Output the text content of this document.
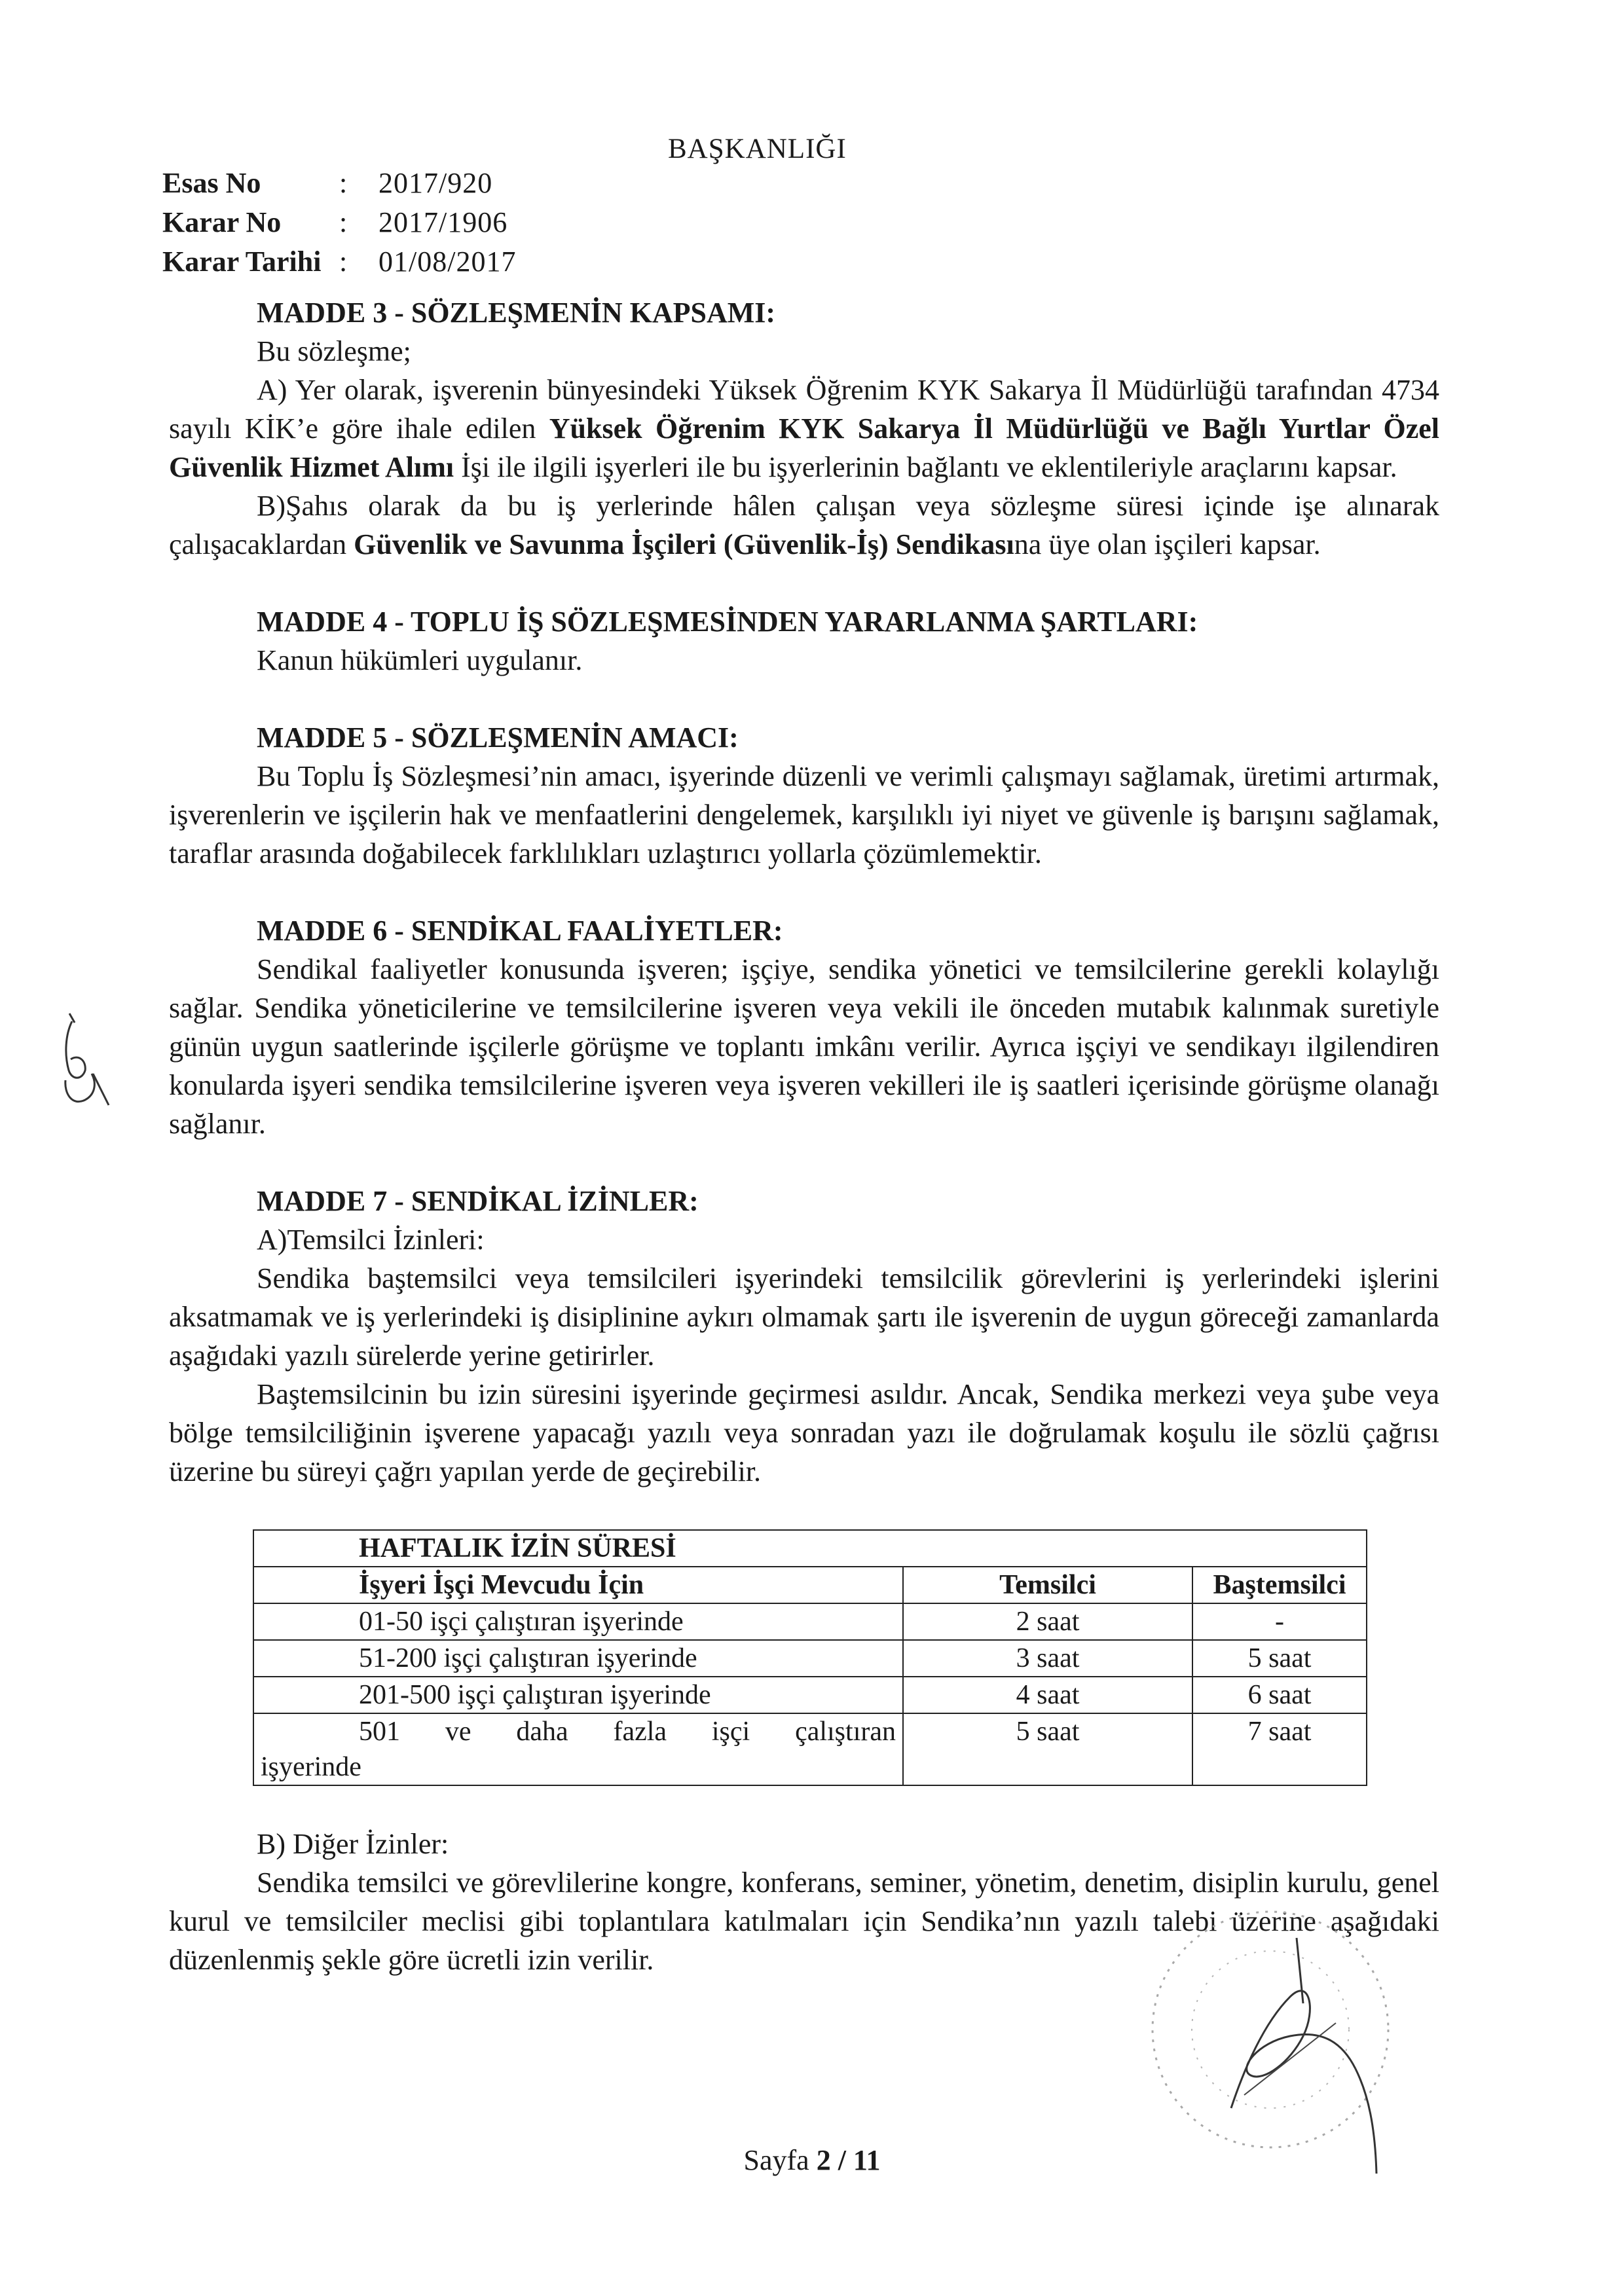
BAŞKANLIĞI
Esas No	:	2017/920
Karar No	:	2017/1906
Karar Tarihi :	01/08/2017
MADDE 3 - SÖZLEŞMENİN KAPSAMI:

Bu sözleşme;

A) Yer olarak, işverenin bünyesindeki Yüksek Öğrenim KYK Sakarya İl Müdürlüğü tarafından 4734 sayılı KİK’e göre ihale edilen Yüksek Öğrenim KYK Sakarya İl Müdürlüğü ve Bağlı Yurtlar Özel Güvenlik Hizmet Alımı İşi ile ilgili işyerleri ile bu işyerlerinin bağlantı ve eklentileriyle araçlarını kapsar.

B)Şahıs olarak da bu iş yerlerinde hâlen çalışan veya sözleşme süresi içinde işe alınarak çalışacaklardan Güvenlik ve Savunma İşçileri (Güvenlik-İş) Sendikasına üye olan işçileri kapsar.

MADDE 4 - TOPLU İŞ SÖZLEŞMESİNDEN YARARLANMA ŞARTLARI:

Kanun hükümleri uygulanır.

MADDE 5 - SÖZLEŞMENİN AMACI:

Bu Toplu İş Sözleşmesi’nin amacı, işyerinde düzenli ve verimli çalışmayı sağlamak, üretimi artırmak, işverenlerin ve işçilerin hak ve menfaatlerini dengelemek, karşılıklı iyi niyet ve güvenle iş barışını sağlamak, taraflar arasında doğabilecek farklılıkları uzlaştırıcı yollarla çözümlemektir.

MADDE 6 - SENDİKAL FAALİYETLER:

Sendikal faaliyetler konusunda işveren; işçiye, sendika yönetici ve temsilcilerine gerekli kolaylığı sağlar. Sendika yöneticilerine ve temsilcilerine işveren veya vekili ile önceden mutabık kalınmak suretiyle günün uygun saatlerinde işçilerle görüşme ve toplantı imkânı verilir. Ayrıca işçiyi ve sendikayı ilgilendiren konularda işyeri sendika temsilcilerine işveren veya işveren vekilleri ile iş saatleri içerisinde görüşme olanağı sağlanır.

MADDE 7 - SENDİKAL İZİNLER:

A)Temsilci İzinleri:

Sendika baştemsilci veya temsilcileri işyerindeki temsilcilik görevlerini iş yerlerindeki işlerini aksatmamak ve iş yerlerindeki iş disiplinine aykırı olmamak şartı ile işverenin de uygun göreceği zamanlarda aşağıdaki yazılı sürelerde yerine getirirler.

Baştemsilcinin bu izin süresini işyerinde geçirmesi asıldır. Ancak, Sendika merkezi veya şube veya bölge temsilciliğinin işverene yapacağı yazılı veya sonradan yazı ile doğrulamak koşulu ile sözlü çağrısı üzerine bu süreyi çağrı yapılan yerde de geçirebilir.

HAFTALIK İZİN SÜRESİ		
İşyeri İşçi Mevcudu İçin	Temsilci	Baştemsilci
01-50 işçi çalıştıran işyerinde	2 saat	-
51-200 işçi çalıştıran işyerinde	3 saat	5 saat
201-500 işçi çalıştıran işyerinde	4 saat	6 saat

501 ve daha fazla işçi çalıştıran
işyerinde	5 saat	7 saat

B) Diğer İzinler:

Sendika temsilci ve görevlilerine kongre, konferans, seminer, yönetim, denetim, disiplin kurulu, genel kurul ve temsilciler meclisi gibi toplantılara katılmaları için Sendika’nın yazılı talebi üzerine aşağıdaki düzenlenmiş şekle göre ücretli izin verilir.

Sayfa 2 / 11
